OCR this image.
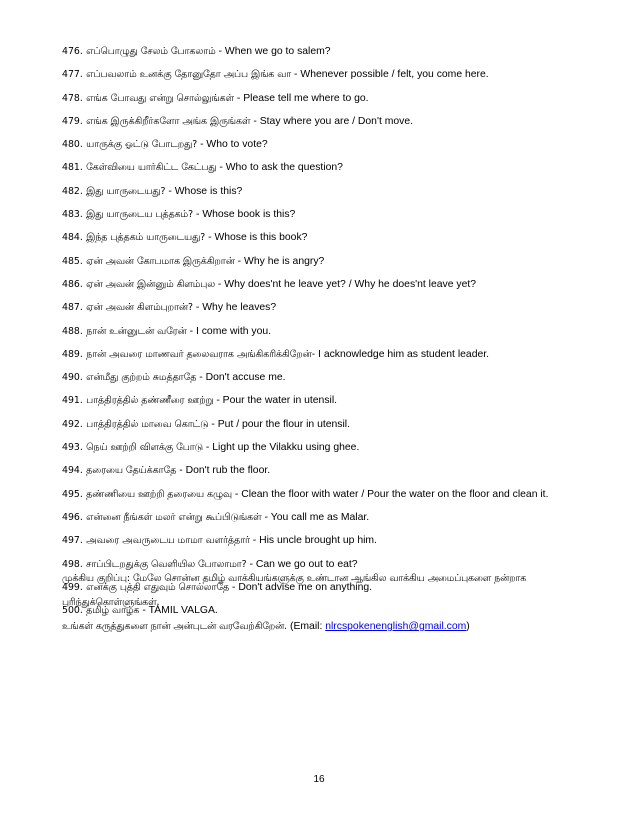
476. எப்பொழுது சேலம் போகலாம் - When we go to salem?
477. எப்பவலாம் உனக்கு தோனுதோ அப்ப இங்க வா - Whenever possible / felt, you come here.
478. எங்க போவது என்று சொல்லுங்கள் - Please tell me where to go.
479. எங்க இருக்கிறீர்களோ அங்க இருங்கள் - Stay where you are / Don't move.
480. யாருக்கு ஓட்டு போடறது? - Who to vote?
481. கேள்வியை யார்கிட்ட கேட்பது - Who to ask the question?
482. இது யாருடையது? - Whose is this?
483. இது யாருடைய புத்தகம்? - Whose book is this?
484. இந்த புத்தகம் யாருடையது? - Whose is this book?
485. ஏன் அவன் கோபமாக இருக்கிறான் - Why he is angry?
486. ஏன் அவன் இன்னும் கிளம்புல - Why does'nt he leave yet? / Why he does'nt leave yet?
487. ஏன் அவன் கிளம்புறான்? - Why he leaves?
488. நான் உன்னுடன் வரேன் - I come with you.
489. நான் அவரை மாணவர் தலைவராக அங்கிகரிக்கிறேன்- I acknowledge him as student leader.
490. என்மீது குற்றம் சுமத்தாதே - Don't accuse me.
491. பாத்திரத்தில் தண்ணீரை ஊற்று - Pour the water in utensil.
492. பாத்திரத்தில் மாவை கொட்டு - Put / pour the flour in utensil.
493. நெய் ஊற்றி விளக்கு போடு - Light up the Vilakku using ghee.
494. தரையை தேய்க்காதே - Don't rub the floor.
495. தண்ணியை ஊற்றி தரையை கழுவு - Clean the floor with water / Pour the water on the floor and clean it.
496. என்னை நீங்கள் மலர் என்று கூப்பிடுங்கள் - You call me as Malar.
497. அவரை அவருடைய மாமா வளர்த்தார் - His uncle brought up him.
498. சாப்பிடறதுக்கு வெளியில போலாமா? - Can we go out to eat?
499. எனக்கு புத்தி எதுவும் சொல்லாதே - Don't advise me on anything.
500. தமிழ் வாழ்க - TAMIL VALGA.

முக்கிய குறிப்பு: மேலே சொன்ன தமிழ் வாக்கியங்களுக்கு உண்டான ஆங்கில வாக்கிய அமைப்புகளை நன்றாக புரிந்துக்கொள்ளுங்கள்,
உங்கள் கருத்துகளை நான் அன்புடன் வரவேற்கிறேன். (Email: nlrcspokenenglish@gmail.com)

16
